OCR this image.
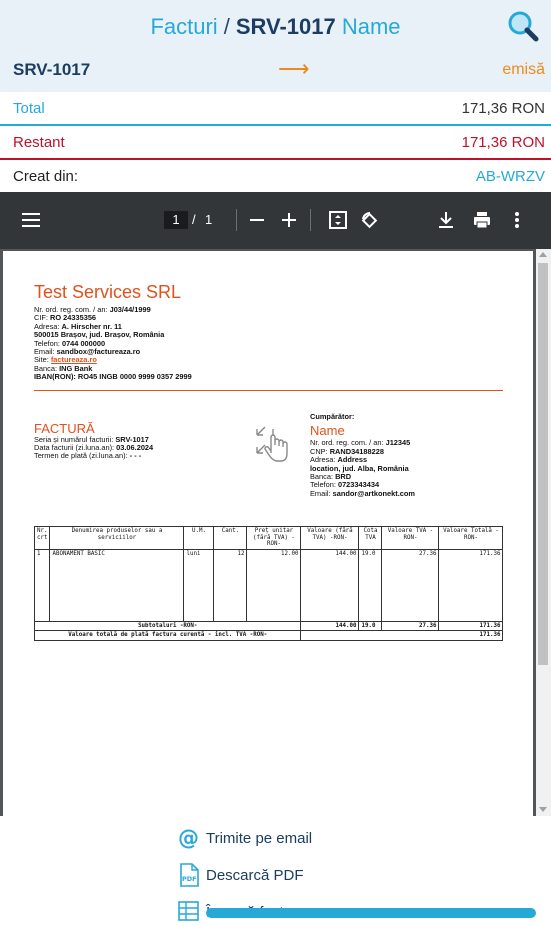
Facturi / SRV-1017 Name
SRV-1017	⟶	emisă
Total	171,36 RON
Restant	171,36 RON
Creat din:	AB-WRZV
1 / 1
Test Services SRL
Nr. ord. reg. com. / an: J03/44/1999
CIF: RO 24335356
Adresa: A. Hirscher nr. 11
500015 Brașov, jud. Brașov, România
Telefon: 0744 000000
Email: sandbox@factureaza.ro
Site: factureaza.ro
Banca: ING Bank
IBAN(RON): RO45 INGB 0000 9999 0357 2999
FACTURĂ
Seria și numărul facturii: SRV-1017
Data facturii (zi.luna.an): 03.06.2024
Termen de plată (zi.luna.an): - - -
Cumpărător:
Name
Nr. ord. reg. com. / an: J12345
CNP: RAND34188228
Adresa: Address
location, jud. Alba, România
Banca: BRD
Telefon: 0723343434
Email: sandor@artkonekt.com
Nr. crt	Denumirea produselor sau a serviciilor	U.M.	Cant.	Preț unitar (fără TVA) -RON-	Valoare (fără TVA) -RON-	Cota TVA	Valoare TVA -RON-	Valoare Totală -RON-
1	ABONAMENT BASIC	luni	12	12.00	144.00	19.0	27.36	171.36
Subtotaluri -RON-					144.00	19.0	27.36	171.36
Valoare totală de plată factura curentă - incl. TVA -RON-					171.36			
@ Trimite pe email
PDF Descarcă PDF
